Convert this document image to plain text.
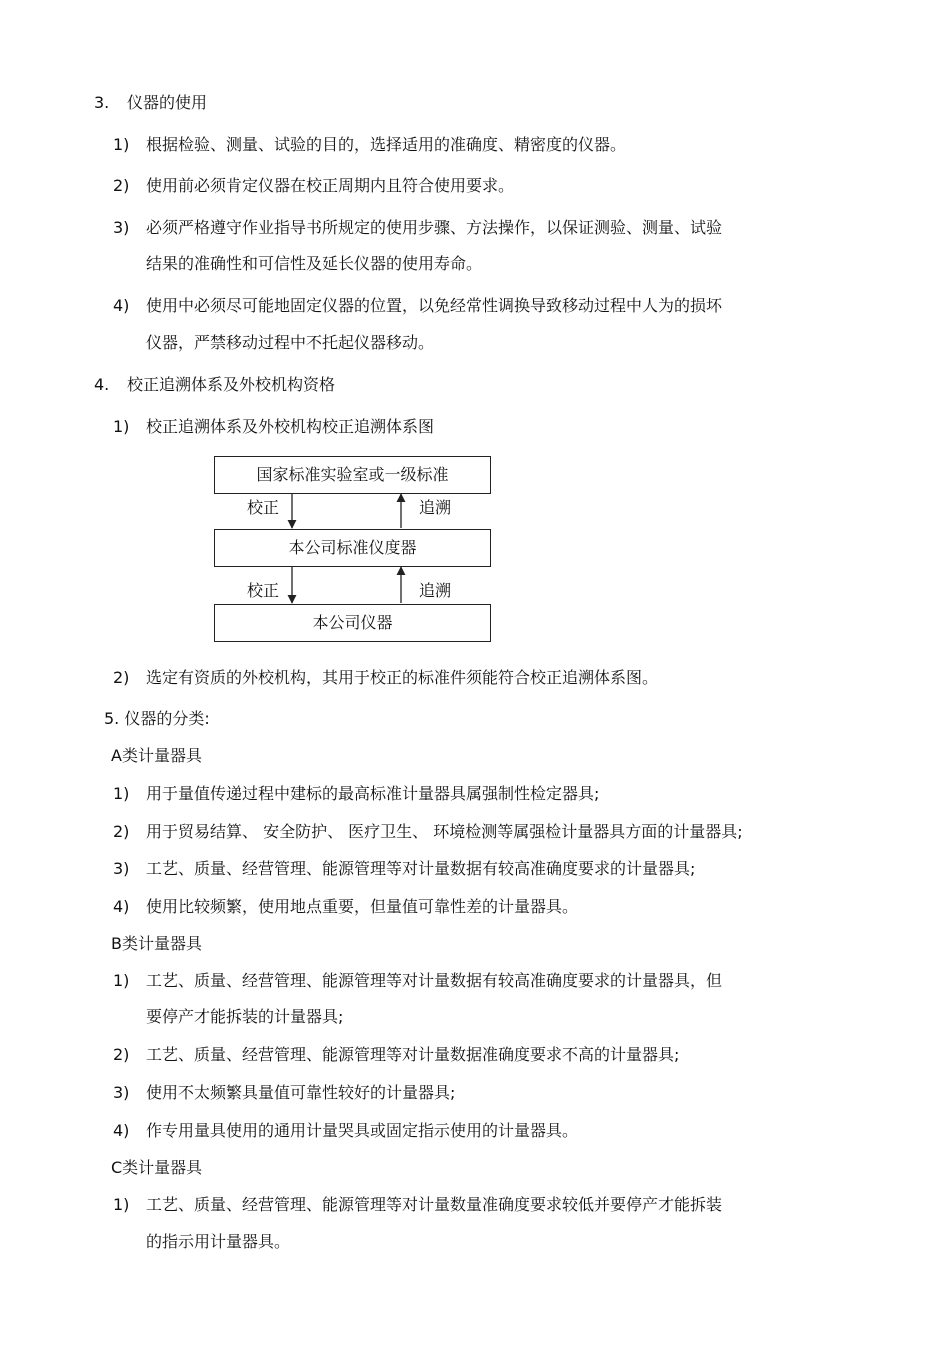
3. 仪器的使用
1) 根据检验、测量、试验的目的，选择适用的准确度、精密度的仪器。
2) 使用前必须肯定仪器在校正周期内且符合使用要求。
3) 必须严格遵守作业指导书所规定的使用步骤、方法操作，以保证测验、测量、试验
结果的准确性和可信性及延长仪器的使用寿命。
4) 使用中必须尽可能地固定仪器的位置，以免经常性调换导致移动过程中人为的损坏
仪器，严禁移动过程中不托起仪器移动。
4. 校正追溯体系及外校机构资格
1) 校正追溯体系及外校机构校正追溯体系图
国家标准实验室或一级标准
本公司标准仪度器
本公司仪器
校正	追溯
校正	追溯
2) 选定有资质的外校机构，其用于校正的标准件须能符合校正追溯体系图。
5. 仪器的分类:
A类计量器具
1) 用于量值传递过程中建标的最高标准计量器具属强制性检定器具;
2) 用于贸易结算、 安全防护、 医疗卫生、 环境检测等属强检计量器具方面的计量器具;
3) 工艺、质量、经营管理、能源管理等对计量数据有较高准确度要求的计量器具;
4) 使用比较频繁，使用地点重要，但量值可靠性差的计量器具。
B类计量器具
1) 工艺、质量、经营管理、能源管理等对计量数据有较高准确度要求的计量器具，但
要停产才能拆装的计量器具;
2) 工艺、质量、经营管理、能源管理等对计量数据准确度要求不高的计量器具;
3) 使用不太频繁具量值可靠性较好的计量器具;
4) 作专用量具使用的通用计量哭具或固定指示使用的计量器具。
C类计量器具
1) 工艺、质量、经营管理、能源管理等对计量数量准确度要求较低并要停产才能拆装
的指示用计量器具。
